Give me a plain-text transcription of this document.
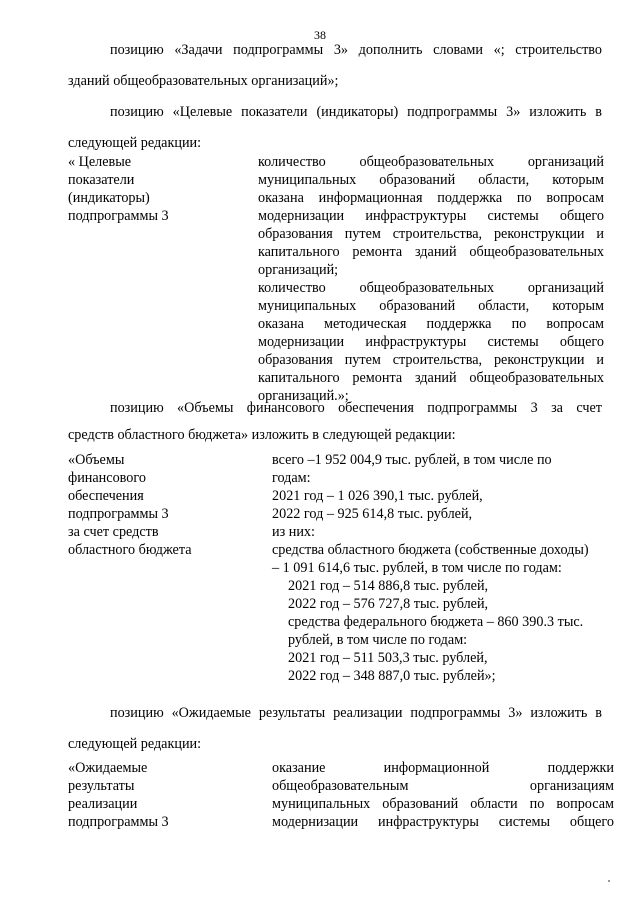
38
позицию «Задачи подпрограммы 3» дополнить словами «; строительство
зданий общеобразовательных организаций»;
позицию «Целевые показатели (индикаторы) подпрограммы 3» изложить в
следующей редакции:
« Целевые
показатели
(индикаторы)
подпрограммы 3
количество общеобразовательных организаций
муниципальных образований области, которым
оказана информационная поддержка по вопросам
модернизации инфраструктуры системы общего
образования путем строительства, реконструкции и
капитального ремонта зданий общеобразовательных
организаций;
количество общеобразовательных организаций
муниципальных образований области, которым
оказана методическая поддержка по вопросам
модернизации инфраструктуры системы общего
образования путем строительства, реконструкции и
капитального ремонта зданий общеобразовательных
организаций.»;
позицию «Объемы финансового обеспечения подпрограммы 3 за счет
средств областного бюджета» изложить в следующей редакции:
«Объемы
финансового
обеспечения
подпрограммы 3
за счет средств
областного бюджета
всего –1 952 004,9 тыс. рублей, в том числе по
годам:
2021 год – 1 026 390,1 тыс. рублей,
2022 год – 925 614,8 тыс. рублей,
из них:
средства областного бюджета (собственные доходы)
– 1 091 614,6 тыс. рублей, в том числе по годам:
2021 год – 514 886,8 тыс. рублей,
2022 год – 576 727,8 тыс. рублей,
средства федерального бюджета – 860 390.3 тыс.
рублей, в том числе по годам:
2021 год – 511 503,3 тыс. рублей,
2022 год – 348 887,0 тыс. рублей»;
позицию «Ожидаемые результаты реализации подпрограммы 3» изложить в
следующей редакции:
«Ожидаемые
результаты
реализации
подпрограммы 3
оказание информационной поддержки
общеобразовательным организациям
муниципальных образований области по вопросам
модернизации инфраструктуры системы общего
